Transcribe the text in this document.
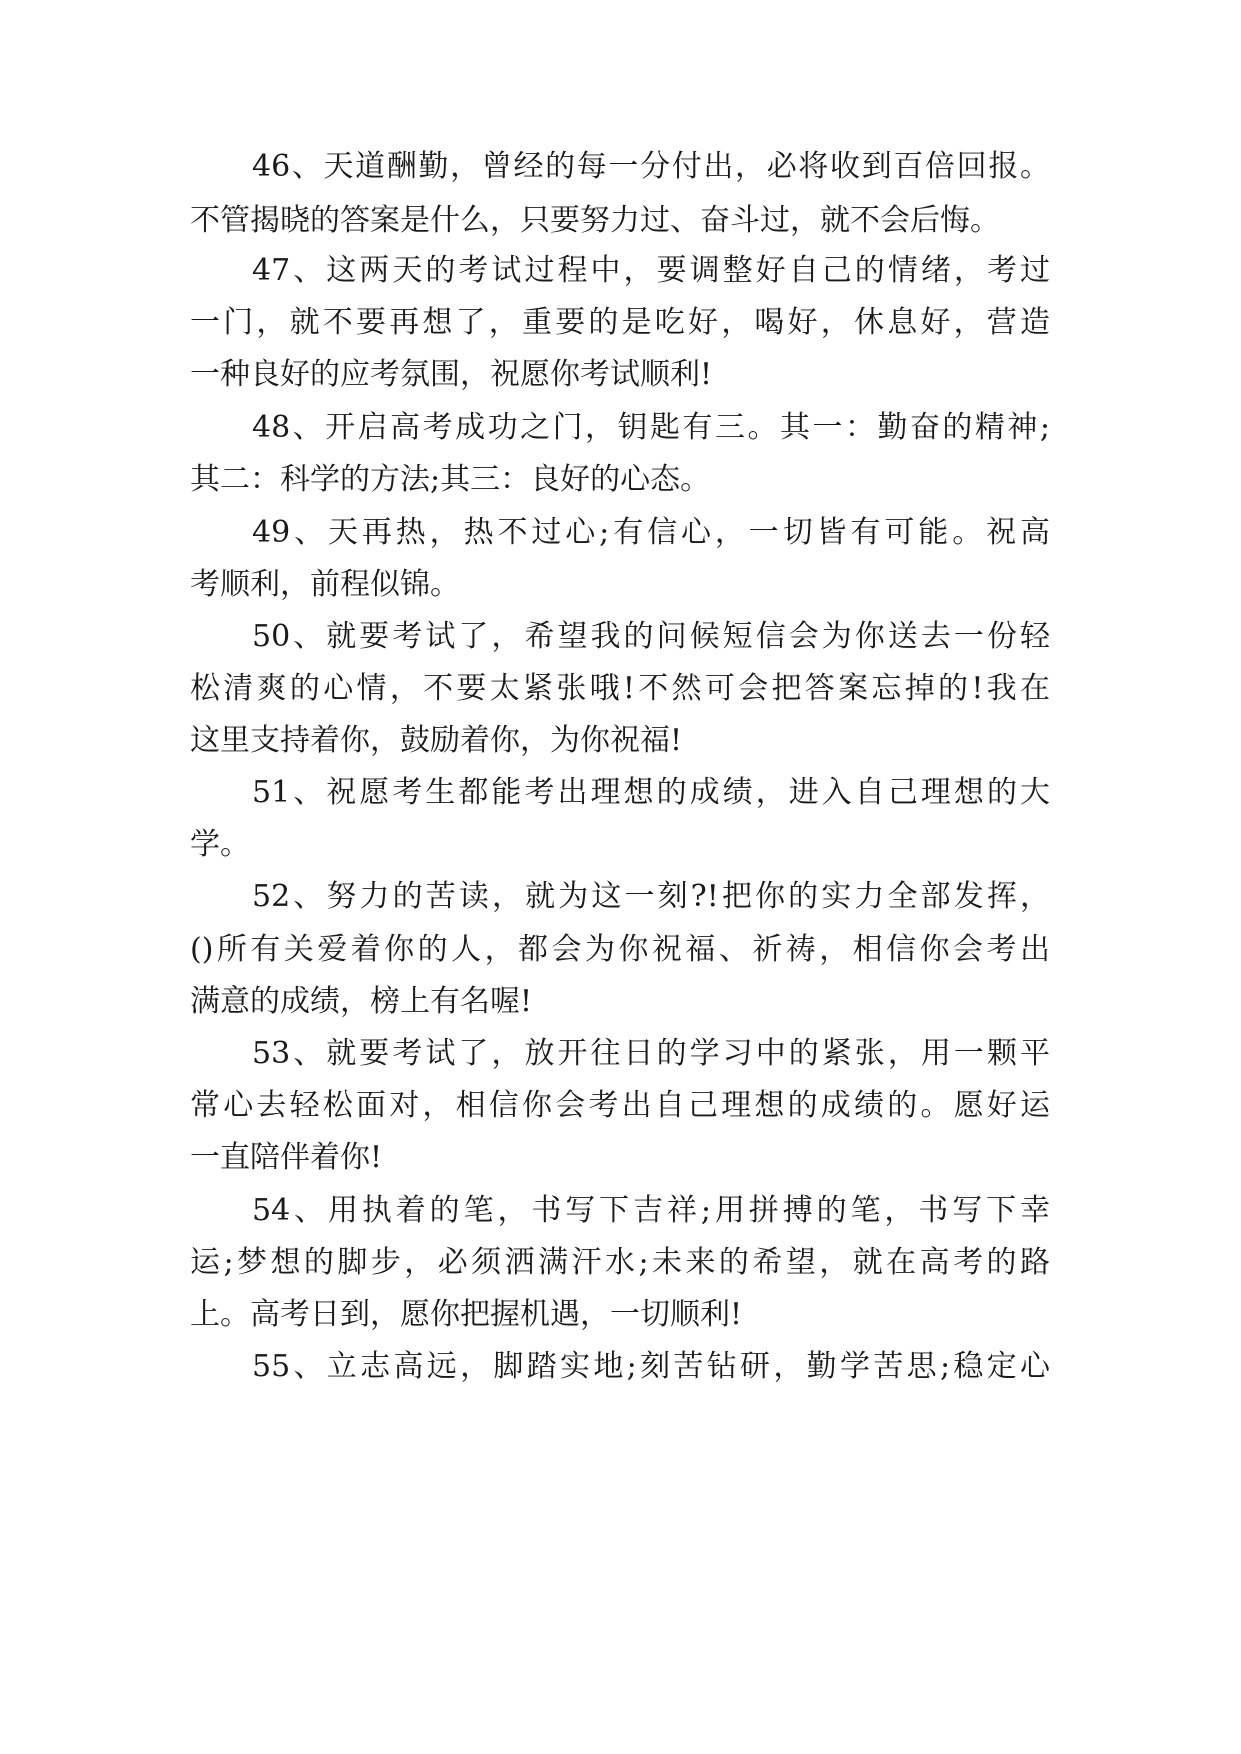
46、天道酬勤，曾经的每一分付出，必将收到百倍回报。
不管揭晓的答案是什么，只要努力过、奋斗过，就不会后悔。
47、这两天的考试过程中，要调整好自己的情绪，考过
一门，就不要再想了，重要的是吃好，喝好，休息好，营造
一种良好的应考氛围，祝愿你考试顺利!
48、开启高考成功之门，钥匙有三。其一：勤奋的精神;
其二：科学的方法;其三：良好的心态。
49、天再热，热不过心;有信心，一切皆有可能。祝高
考顺利，前程似锦。
50、就要考试了，希望我的问候短信会为你送去一份轻
松清爽的心情，不要太紧张哦!不然可会把答案忘掉的!我在
这里支持着你，鼓励着你，为你祝福!
51、祝愿考生都能考出理想的成绩，进入自己理想的大
学。
52、努力的苦读，就为这一刻?!把你的实力全部发挥，
()所有关爱着你的人，都会为你祝福、祈祷，相信你会考出
满意的成绩，榜上有名喔!
53、就要考试了，放开往日的学习中的紧张，用一颗平
常心去轻松面对，相信你会考出自己理想的成绩的。愿好运
一直陪伴着你!
54、用执着的笔，书写下吉祥;用拼搏的笔，书写下幸
运;梦想的脚步，必须洒满汗水;未来的希望，就在高考的路
上。高考日到，愿你把握机遇，一切顺利!
55、立志高远，脚踏实地;刻苦钻研，勤学苦思;稳定心
